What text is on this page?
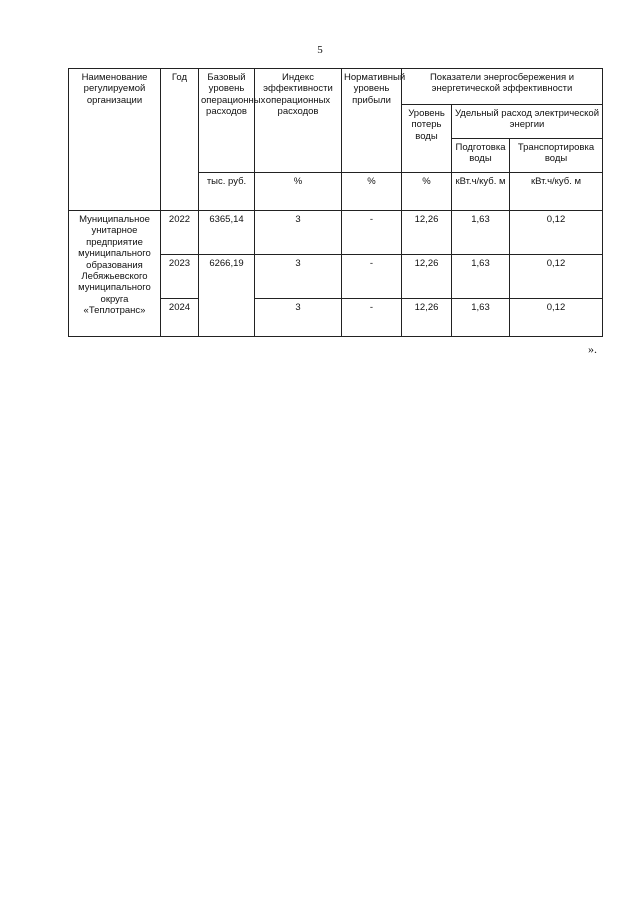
5
Наименование регулируемой организации	Год	Базовый уровень операционных расходов	Индекс эффективности операционных расходов	Нормативный уровень прибыли	Показатели энергосбережения и энергетической эффективности		
					Уровень потерь воды	Удельный расход электрической энергии	
						Подготовка воды	Транспортировка воды
		тыс. руб.	%	%	%	кВт.ч/куб. м	кВт.ч/куб. м
Муниципальное унитарное предприятие муниципального образования Лебяжьевского муниципального округа «Теплотранс»	2022	6365,14	3	-	12,26	1,63	0,12
	2023	6266,19	3	-	12,26	1,63	0,12
	2024		3	-	12,26	1,63	0,12
».
